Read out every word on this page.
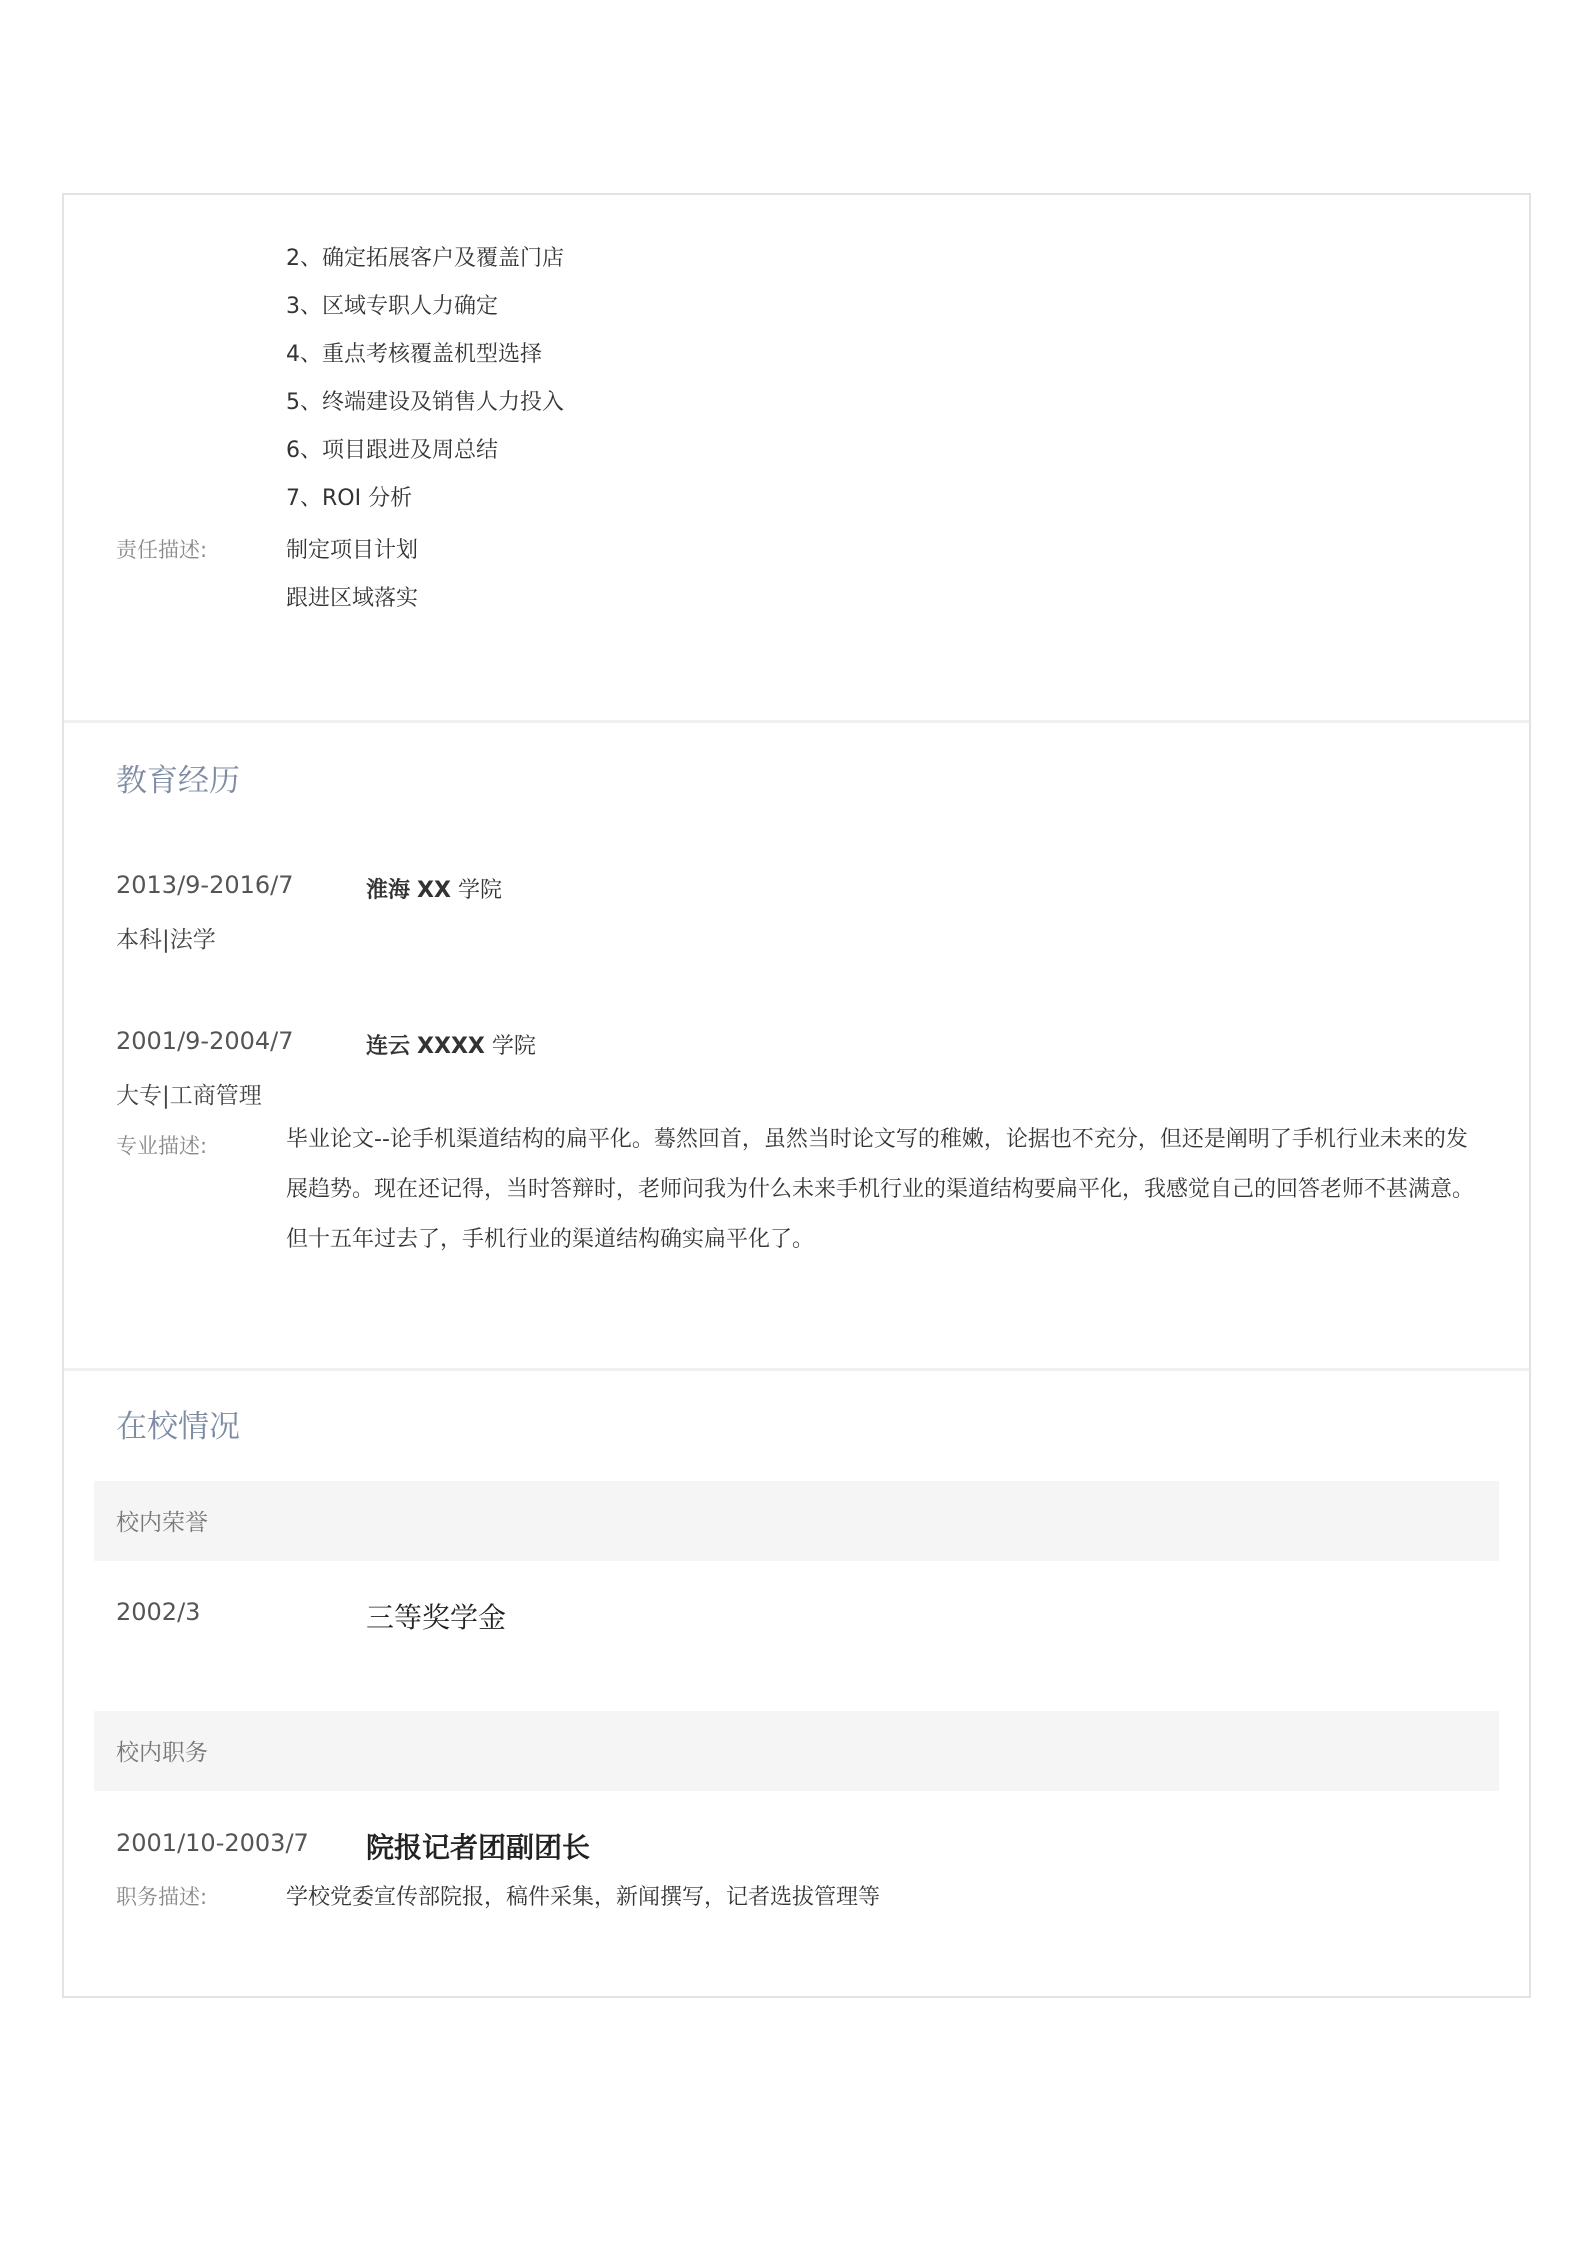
2、确定拓展客户及覆盖门店
3、区域专职人力确定
4、重点考核覆盖机型选择
5、终端建设及销售人力投入
6、项目跟进及周总结
7、ROI 分析
责任描述:	制定项目计划
跟进区域落实
教育经历
2013/9-2016/7	淮海 XX 学院
本科|法学
2001/9-2004/7	连云 XXXX 学院
大专|工商管理
专业描述:	毕业论文--论手机渠道结构的扁平化。蓦然回首，虽然当时论文写的稚嫩，论据也不充分，但还是阐明了手机行业未来的发展趋势。现在还记得，当时答辩时，老师问我为什么未来手机行业的渠道结构要扁平化，我感觉自己的回答老师不甚满意。但十五年过去了，手机行业的渠道结构确实扁平化了。
在校情况
校内荣誉
2002/3	三等奖学金
校内职务
2001/10-2003/7 院报记者团副团长
职务描述:	学校党委宣传部院报，稿件采集，新闻撰写，记者选拔管理等
